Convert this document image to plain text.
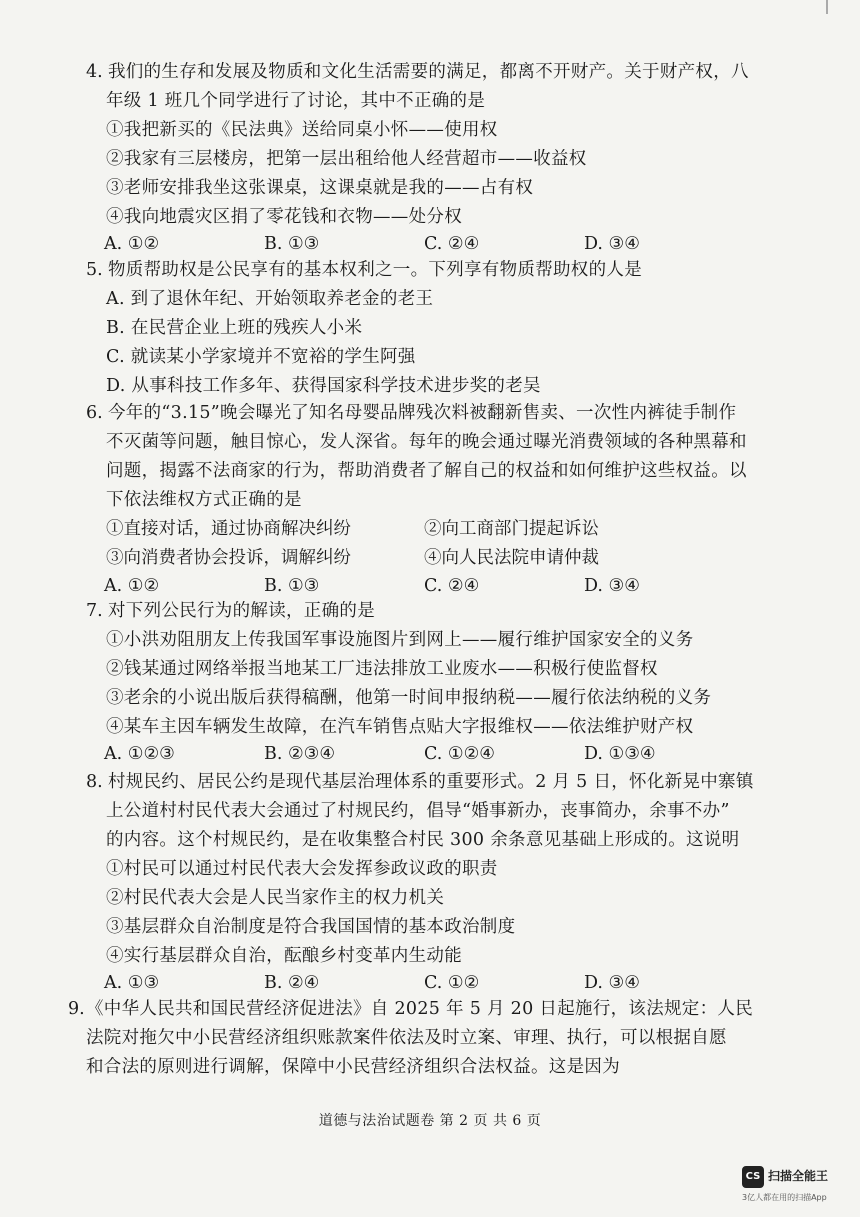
4. 我们的生存和发展及物质和文化生活需要的满足，都离不开财产。关于财产权，八
年级 1 班几个同学进行了讨论，其中不正确的是
①我把新买的《民法典》送给同桌小怀——使用权
②我家有三层楼房，把第一层出租给他人经营超市——收益权
③老师安排我坐这张课桌，这课桌就是我的——占有权
④我向地震灾区捐了零花钱和衣物——处分权
A. ①②	B. ①③	C. ②④	D. ③④
5. 物质帮助权是公民享有的基本权利之一。下列享有物质帮助权的人是
A. 到了退休年纪、开始领取养老金的老王
B. 在民营企业上班的残疾人小米
C. 就读某小学家境并不宽裕的学生阿强
D. 从事科技工作多年、获得国家科学技术进步奖的老吴
6. 今年的“3.15”晚会曝光了知名母婴品牌残次料被翻新售卖、一次性内裤徒手制作
不灭菌等问题，触目惊心，发人深省。每年的晚会通过曝光消费领域的各种黑幕和
问题，揭露不法商家的行为，帮助消费者了解自己的权益和如何维护这些权益。以
下依法维权方式正确的是
①直接对话，通过协商解决纠纷	②向工商部门提起诉讼
③向消费者协会投诉，调解纠纷	④向人民法院申请仲裁
A. ①②	B. ①③	C. ②④	D. ③④
7. 对下列公民行为的解读，正确的是
①小洪劝阻朋友上传我国军事设施图片到网上——履行维护国家安全的义务
②钱某通过网络举报当地某工厂违法排放工业废水——积极行使监督权
③老余的小说出版后获得稿酬，他第一时间申报纳税——履行依法纳税的义务
④某车主因车辆发生故障，在汽车销售点贴大字报维权——依法维护财产权
A. ①②③	B. ②③④	C. ①②④	D. ①③④
8. 村规民约、居民公约是现代基层治理体系的重要形式。2 月 5 日，怀化新晃中寨镇
上公道村村民代表大会通过了村规民约，倡导“婚事新办，丧事简办，余事不办”
的内容。这个村规民约，是在收集整合村民 300 余条意见基础上形成的。这说明
①村民可以通过村民代表大会发挥参政议政的职责
②村民代表大会是人民当家作主的权力机关
③基层群众自治制度是符合我国国情的基本政治制度
④实行基层群众自治，酝酿乡村变革内生动能
A. ①③	B. ②④	C. ①②	D. ③④
9. 《中华人民共和国民营经济促进法》自 2025 年 5 月 20 日起施行，该法规定：人民
法院对拖欠中小民营经济组织账款案件依法及时立案、审理、执行，可以根据自愿
和合法的原则进行调解，保障中小民营经济组织合法权益。这是因为
道德与法治试题卷 第 2 页 共 6 页
CS 扫描全能王
3亿人都在用的扫描App
